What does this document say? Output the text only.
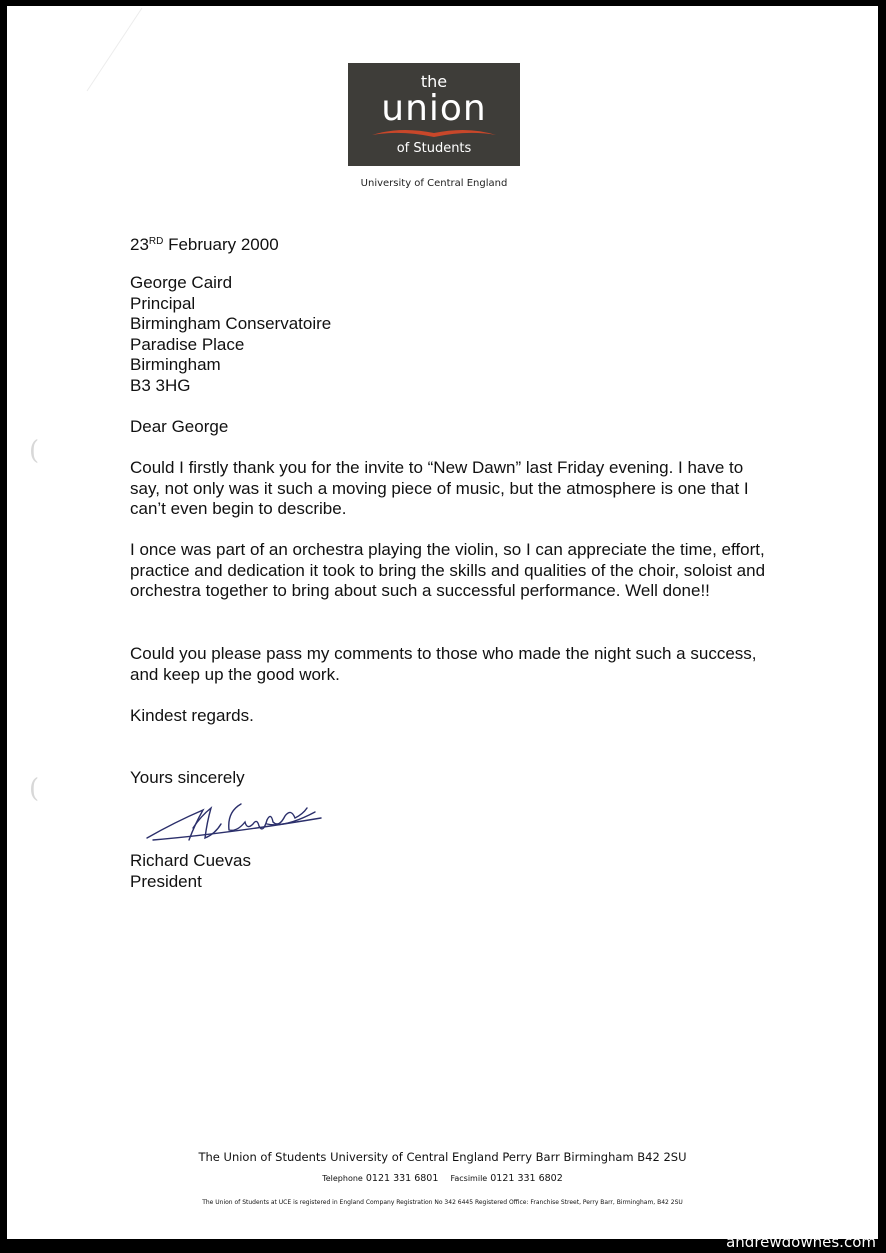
(
(
the
union
of Students
University of Central England
23RD February 2000

George Caird

Principal

Birmingham Conservatoire

Paradise Place

Birmingham

B3 3HG

Dear George
Could I firstly thank you for the invite to “New Dawn” last Friday evening. I have to say, not only was it such a moving piece of music, but the atmosphere is one that I can’t even begin to describe.
I once was part of an orchestra playing the violin, so I can appreciate the time, effort, practice and dedication it took to bring the skills and qualities of the choir, soloist and orchestra together to bring about such a successful performance. Well done!!
Could you please pass my comments to those who made the night such a success, and keep up the good work.
Kindest regards.
Yours sincerely

Richard Cuevas

President

The Union of Students University of Central England Perry Barr Birmingham B42 2SU
Telephone 0121 331 6801 Facsimile 0121 331 6802
The Union of Students at UCE is registered in England Company Registration No 342 6445 Registered Office: Franchise Street, Perry Barr, Birmingham, B42 2SU
andrewdownes.com
